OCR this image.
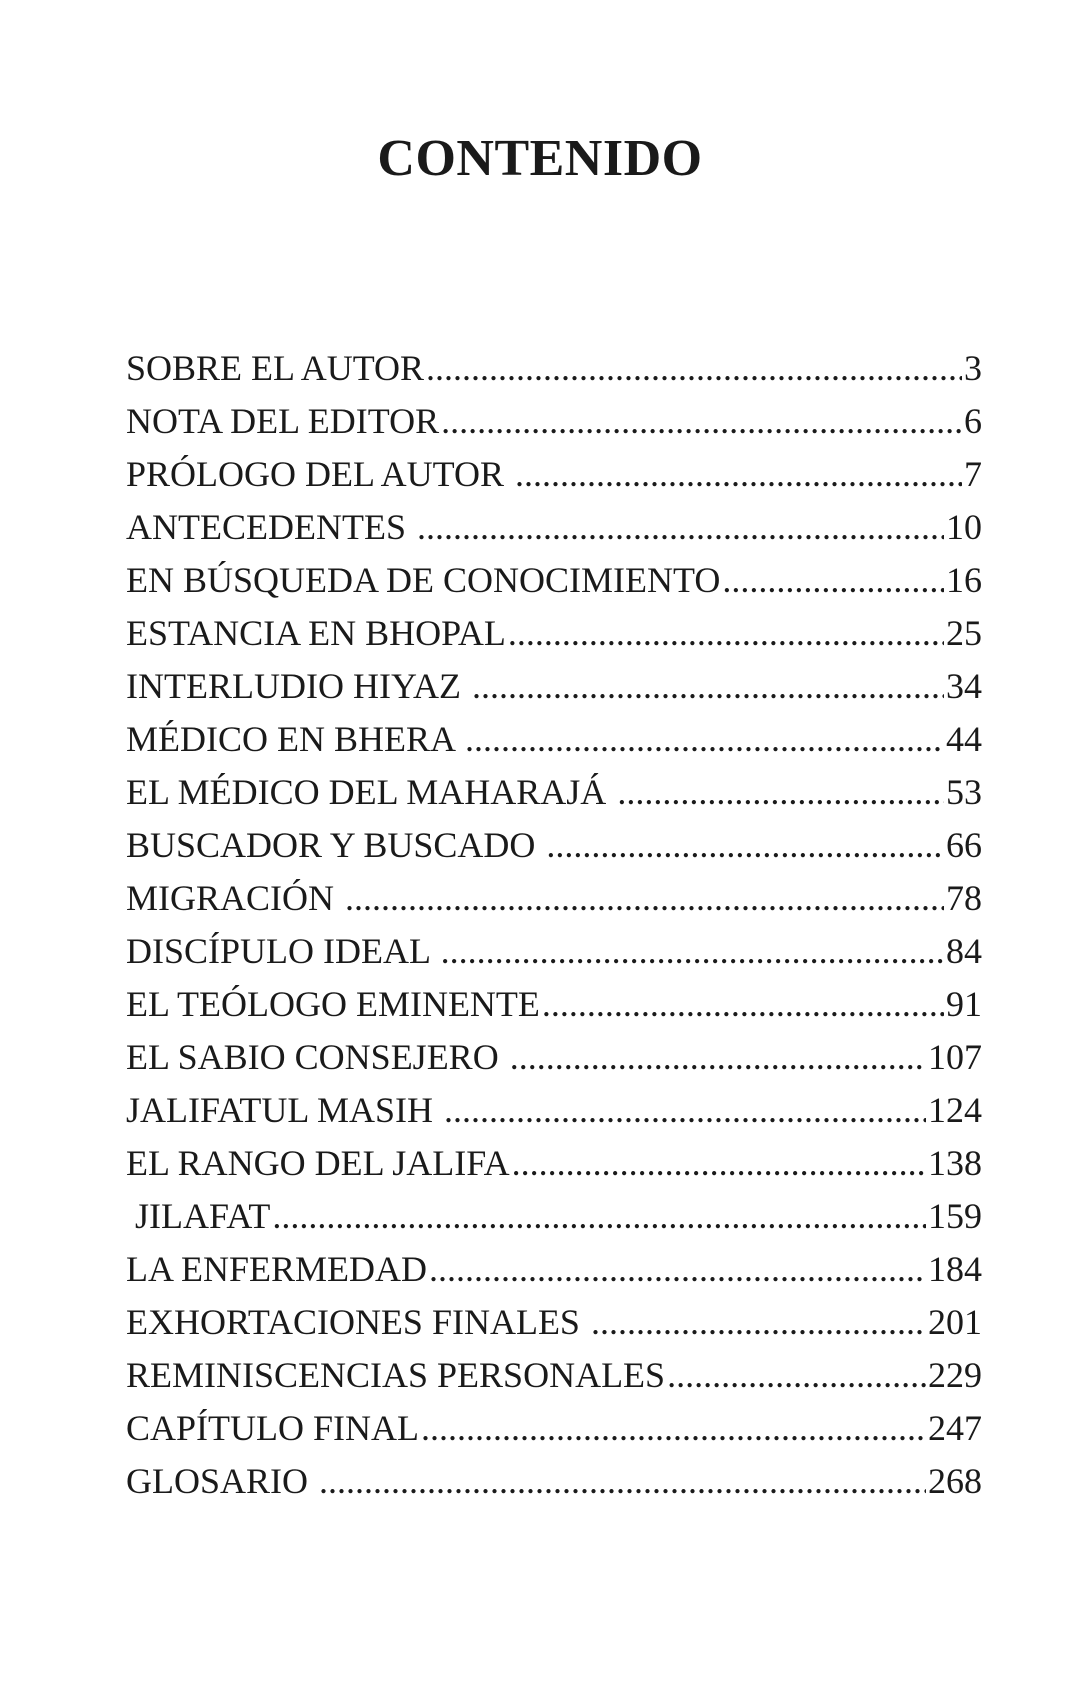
CONTENIDO
SOBRE EL AUTOR .....	3
NOTA DEL EDITOR .....	6
PRÓLOGO DEL AUTOR .....	7
ANTECEDENTES .....	10
EN BÚSQUEDA DE CONOCIMIENTO .....	16
ESTANCIA EN BHOPAL .....	25
INTERLUDIO HIYAZ .....	34
MÉDICO EN BHERA .....	44
EL MÉDICO DEL MAHARAJÁ .....	53
BUSCADOR Y BUSCADO .....	66
MIGRACIÓN .....	78
DISCÍPULO IDEAL .....	84
EL TEÓLOGO EMINENTE .....	91
EL SABIO CONSEJERO .....	107
JALIFATUL MASIH .....	124
EL RANGO DEL JALIFA .....	138
JILAFAT .....	159
LA ENFERMEDAD .....	184
EXHORTACIONES FINALES .....	201
REMINISCENCIAS PERSONALES .....	229
CAPÍTULO FINAL .....	247
GLOSARIO .....	268
